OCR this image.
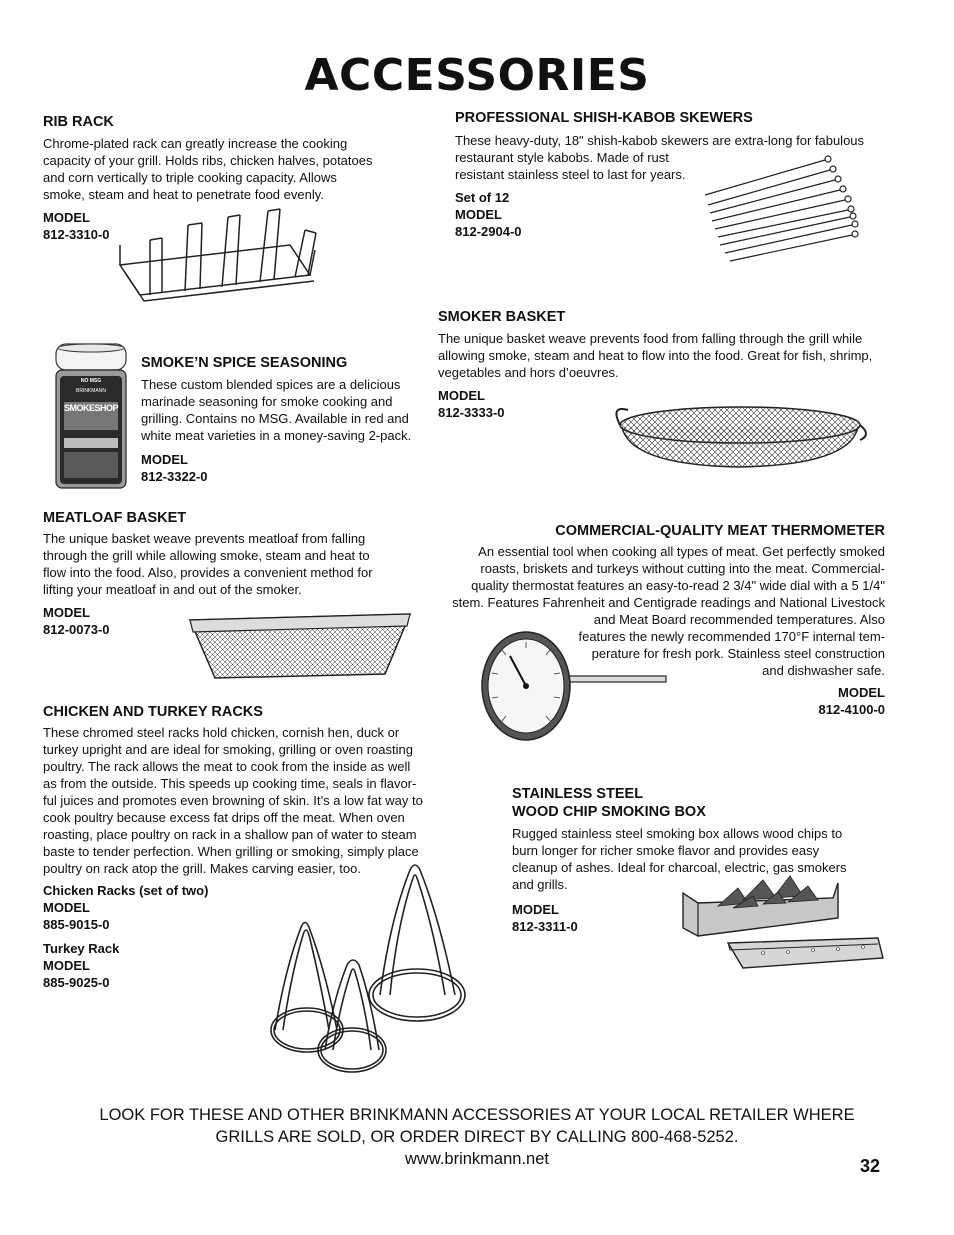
ACCESSORIES
RIB RACK
Chrome-plated rack can greatly increase the cooking
capacity of your grill. Holds ribs, chicken halves, potatoes
and corn vertically to triple cooking capacity. Allows
smoke, steam and heat to penetrate food evenly.
MODEL
812-3310-0
PROFESSIONAL SHISH-KABOB SKEWERS
These heavy-duty, 18" shish-kabob skewers are extra-long for fabulous
restaurant style kabobs. Made of rust
resistant stainless steel to last for years.
Set of 12
MODEL
812-2904-0
SMOKER BASKET
The unique basket weave prevents food from falling through the grill while
allowing smoke, steam and heat to flow into the food. Great for fish, shrimp,
vegetables and hors d’oeuvres.
MODEL
812-3333-0
NO MSG
BRINKMANN
SMOKESHOP
SMOKE’N SPICE SEASONING
These custom blended spices are a delicious
marinade seasoning for smoke cooking and
grilling. Contains no MSG. Available in red and
white meat varieties in a money-saving 2-pack.
MODEL
812-3322-0
MEATLOAF BASKET
The unique basket weave prevents meatloaf from falling
through the grill while allowing smoke, steam and heat to
flow into the food. Also, provides a convenient method for
lifting your meatloaf in and out of the smoker.
MODEL
812-0073-0
COMMERCIAL-QUALITY MEAT THERMOMETER
An essential tool when cooking all types of meat. Get perfectly smoked
roasts, briskets and turkeys without cutting into the meat. Commercial-
quality thermostat features an easy-to-read 2 3/4" wide dial with a 5 1/4"
stem. Features Fahrenheit and Centigrade readings and National Livestock
and Meat Board recommended temperatures. Also
features the newly recommended 170°F internal tem-
perature for fresh pork. Stainless steel construction
and dishwasher safe.
MODEL
812-4100-0
CHICKEN AND TURKEY RACKS
These chromed steel racks hold chicken, cornish hen, duck or
turkey upright and are ideal for smoking, grilling or oven roasting
poultry. The rack allows the meat to cook from the inside as well
as from the outside. This speeds up cooking time, seals in flavor-
ful juices and promotes even browning of skin. It’s a low fat way to
cook poultry because excess fat drips off the meat. When oven
roasting, place poultry on rack in a shallow pan of water to steam
baste to tender perfection. When grilling or smoking, simply place
poultry on rack atop the grill. Makes carving easier, too.
Chicken Racks (set of two)
MODEL
885-9015-0
Turkey Rack
MODEL
885-9025-0
STAINLESS STEEL
WOOD CHIP SMOKING BOX
Rugged stainless steel smoking box allows wood chips to
burn longer for richer smoke flavor and provides easy
cleanup of ashes. Ideal for charcoal, electric, gas smokers
and grills.
MODEL
812-3311-0
LOOK FOR THESE AND OTHER BRINKMANN ACCESSORIES AT YOUR LOCAL RETAILER WHERE
GRILLS ARE SOLD, OR ORDER DIRECT BY CALLING 800-468-5252.
www.brinkmann.net	32
